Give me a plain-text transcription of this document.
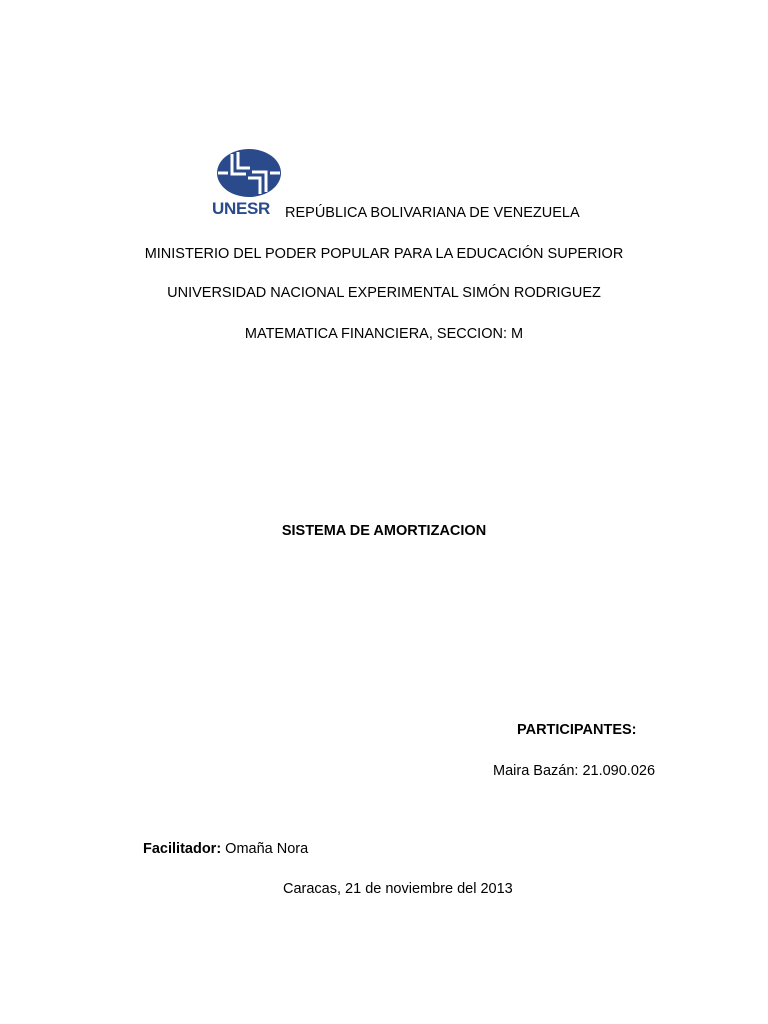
UNESR REPÚBLICA BOLIVARIANA DE VENEZUELA
MINISTERIO DEL PODER POPULAR PARA LA EDUCACIÓN SUPERIOR
UNIVERSIDAD NACIONAL EXPERIMENTAL SIMÓN RODRIGUEZ
MATEMATICA FINANCIERA, SECCION: M
SISTEMA DE AMORTIZACION
PARTICIPANTES:
Maira Bazán: 21.090.026
Facilitador: Omaña Nora
Caracas, 21 de noviembre del 2013
